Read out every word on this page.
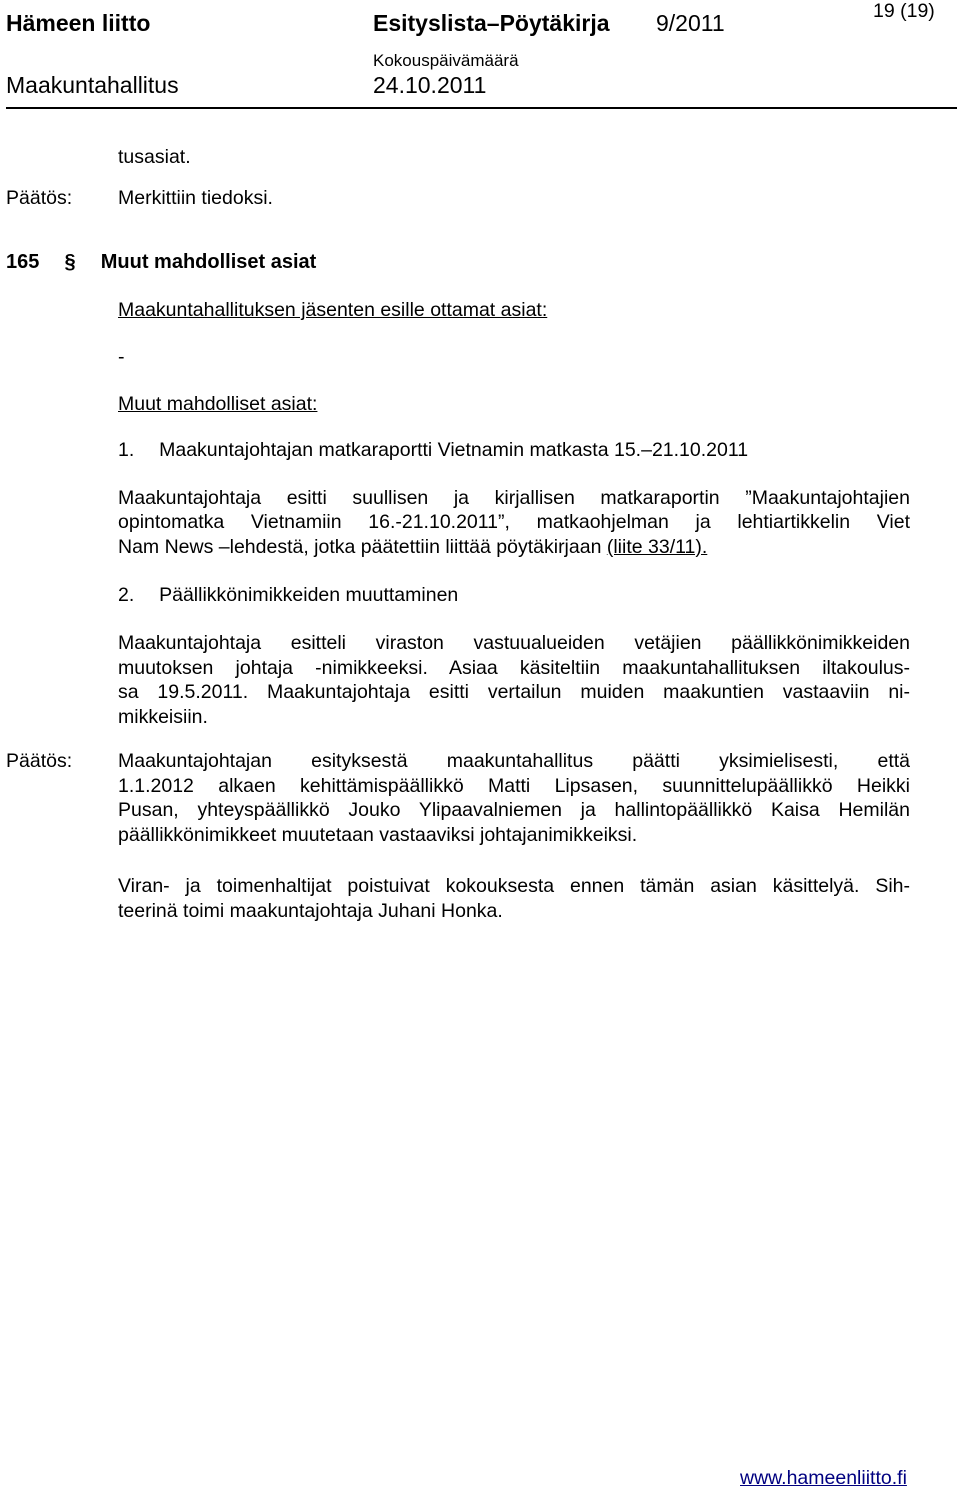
Hämeen liitto	Esityslista–Pöytäkirja 9/2011	19 (19)
Kokouspäivämäärä
Maakuntahallitus	24.10.2011
tusasiat.
Päätös: Merkittiin tiedoksi.
165 § Muut mahdolliset asiat
Maakuntahallituksen jäsenten esille ottamat asiat:
-
Muut mahdolliset asiat:
1. Maakuntajohtajan matkaraportti Vietnamin matkasta 15.–21.10.2011
Maakuntajohtaja esitti suullisen ja kirjallisen matkaraportin ”Maakuntajohtajien
opintomatka Vietnamiin 16.-21.10.2011”, matkaohjelman ja lehtiartikkelin Viet
Nam News –lehdestä, jotka päätettiin liittää pöytäkirjaan (liite 33/11).
2. Päällikkönimikkeiden muuttaminen
Maakuntajohtaja esitteli viraston vastuualueiden vetäjien päällikkönimikkeiden
muutoksen johtaja -nimikkeeksi. Asiaa käsiteltiin maakuntahallituksen iltakoulus-
sa 19.5.2011. Maakuntajohtaja esitti vertailun muiden maakuntien vastaaviin ni-
mikkeisiin.
Päätös: Maakuntajohtajan esityksestä maakuntahallitus päätti yksimielisesti, että
1.1.2012 alkaen kehittämispäällikkö Matti Lipsasen, suunnittelupäällikkö Heikki
Pusan, yhteyspäällikkö Jouko Ylipaavalniemen ja hallintopäällikkö Kaisa Hemilän
päällikkönimikkeet muutetaan vastaaviksi johtajanimikkeiksi.
Viran- ja toimenhaltijat poistuivat kokouksesta ennen tämän asian käsittelyä. Sih-
teerinä toimi maakuntajohtaja Juhani Honka.
www.hameenliitto.fi
